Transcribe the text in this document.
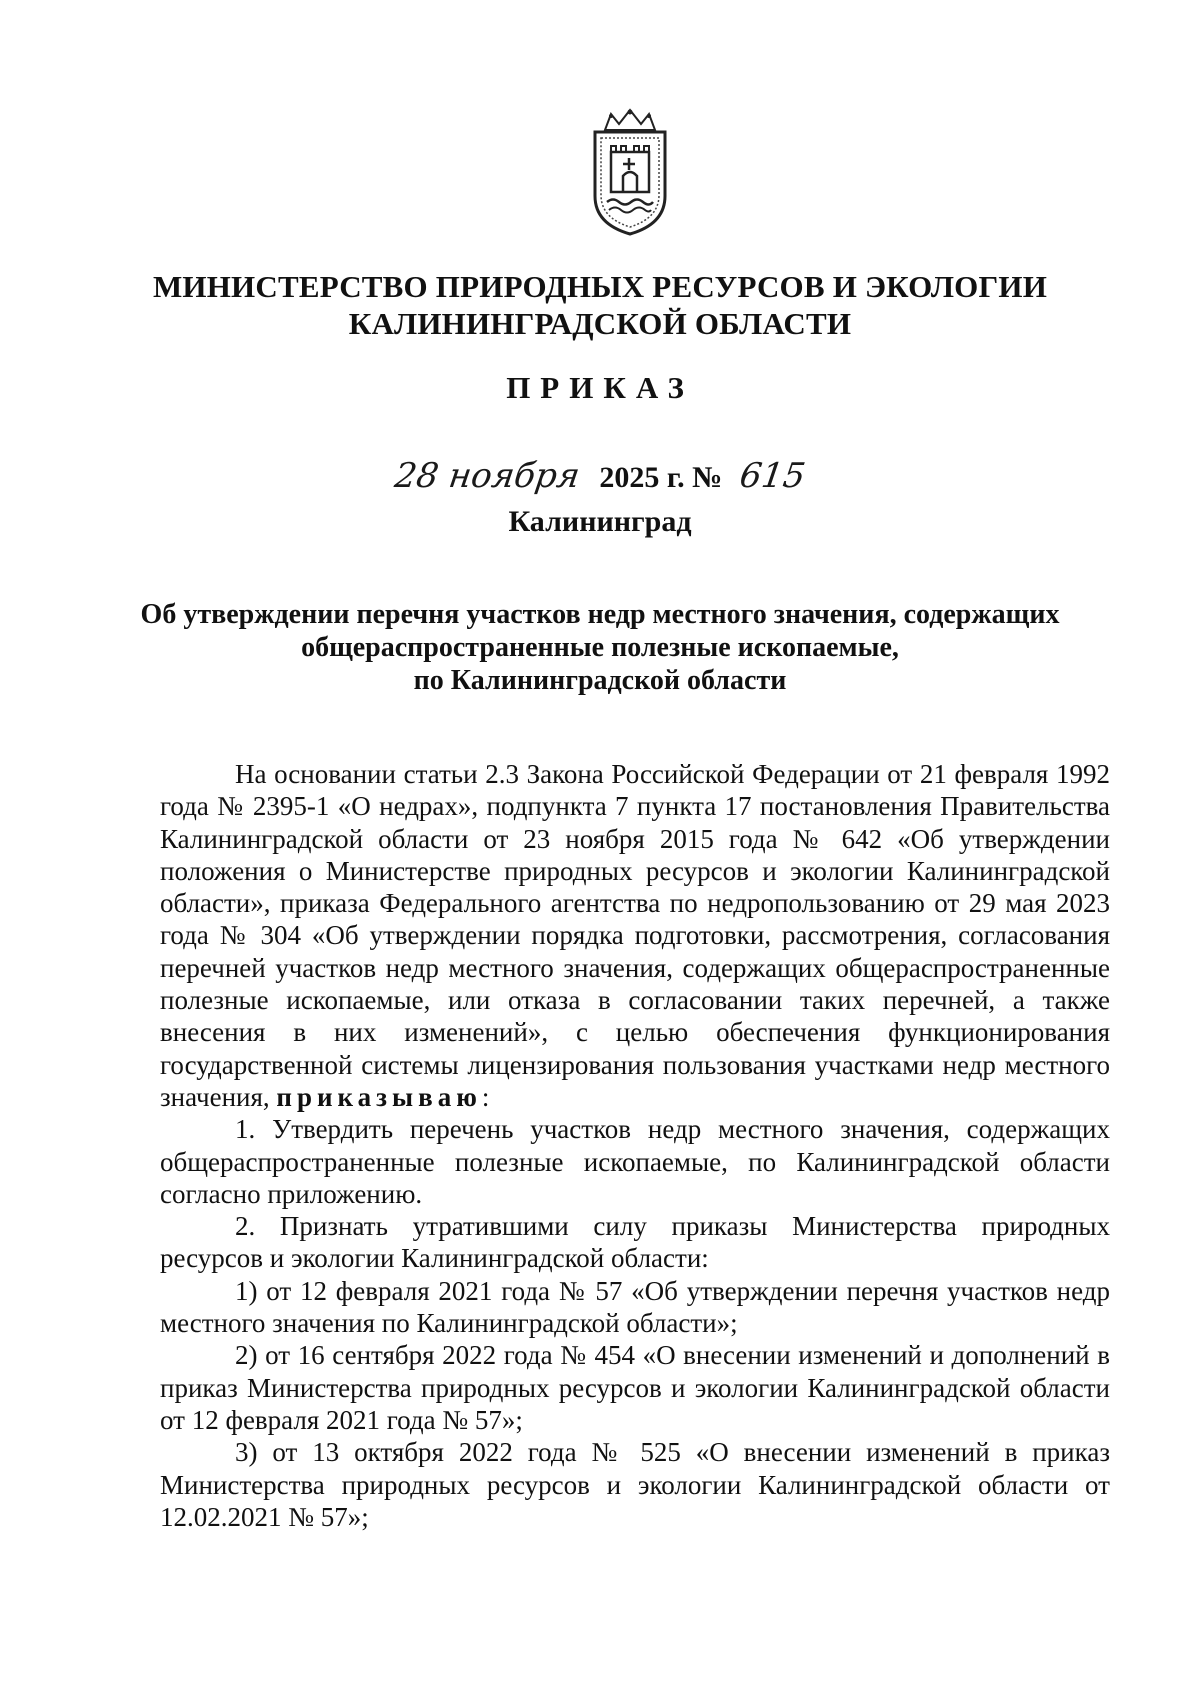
МИНИСТЕРСТВО ПРИРОДНЫХ РЕСУРСОВ И ЭКОЛОГИИ
КАЛИНИНГРАДСКОЙ ОБЛАСТИ
ПРИКАЗ
28 ноября 2025 г. № 615
Калининград
Об утверждении перечня участков недр местного значения, содержащих
общераспространенные полезные ископаемые,
по Калининградской области

На основании статьи 2.3 Закона Российской Федерации от 21 февраля 1992 года № 2395-1 «О недрах», подпункта 7 пункта 17 постановления Правительства Калининградской области от 23 ноября 2015 года № 642 «Об утверждении положения о Министерстве природных ресурсов и экологии Калининградской области», приказа Федерального агентства по недропользованию от 29 мая 2023 года № 304 «Об утверждении порядка подготовки, рассмотрения, согласования перечней участков недр местного значения, содержащих общераспространенные полезные ископаемые, или отказа в согласовании таких перечней, а также внесения в них изменений», с целью обеспечения функционирования государственной системы лицензирования пользования участками недр местного значения, приказываю:

1. Утвердить перечень участков недр местного значения, содержащих общераспространенные полезные ископаемые, по Калининградской области согласно приложению.

2. Признать утратившими силу приказы Министерства природных ресурсов и экологии Калининградской области:

1) от 12 февраля 2021 года № 57 «Об утверждении перечня участков недр местного значения по Калининградской области»;

2) от 16 сентября 2022 года № 454 «О внесении изменений и дополнений в приказ Министерства природных ресурсов и экологии Калининградской области от 12 февраля 2021 года № 57»;

3) от 13 октября 2022 года № 525 «О внесении изменений в приказ Министерства природных ресурсов и экологии Калининградской области от 12.02.2021 № 57»;
